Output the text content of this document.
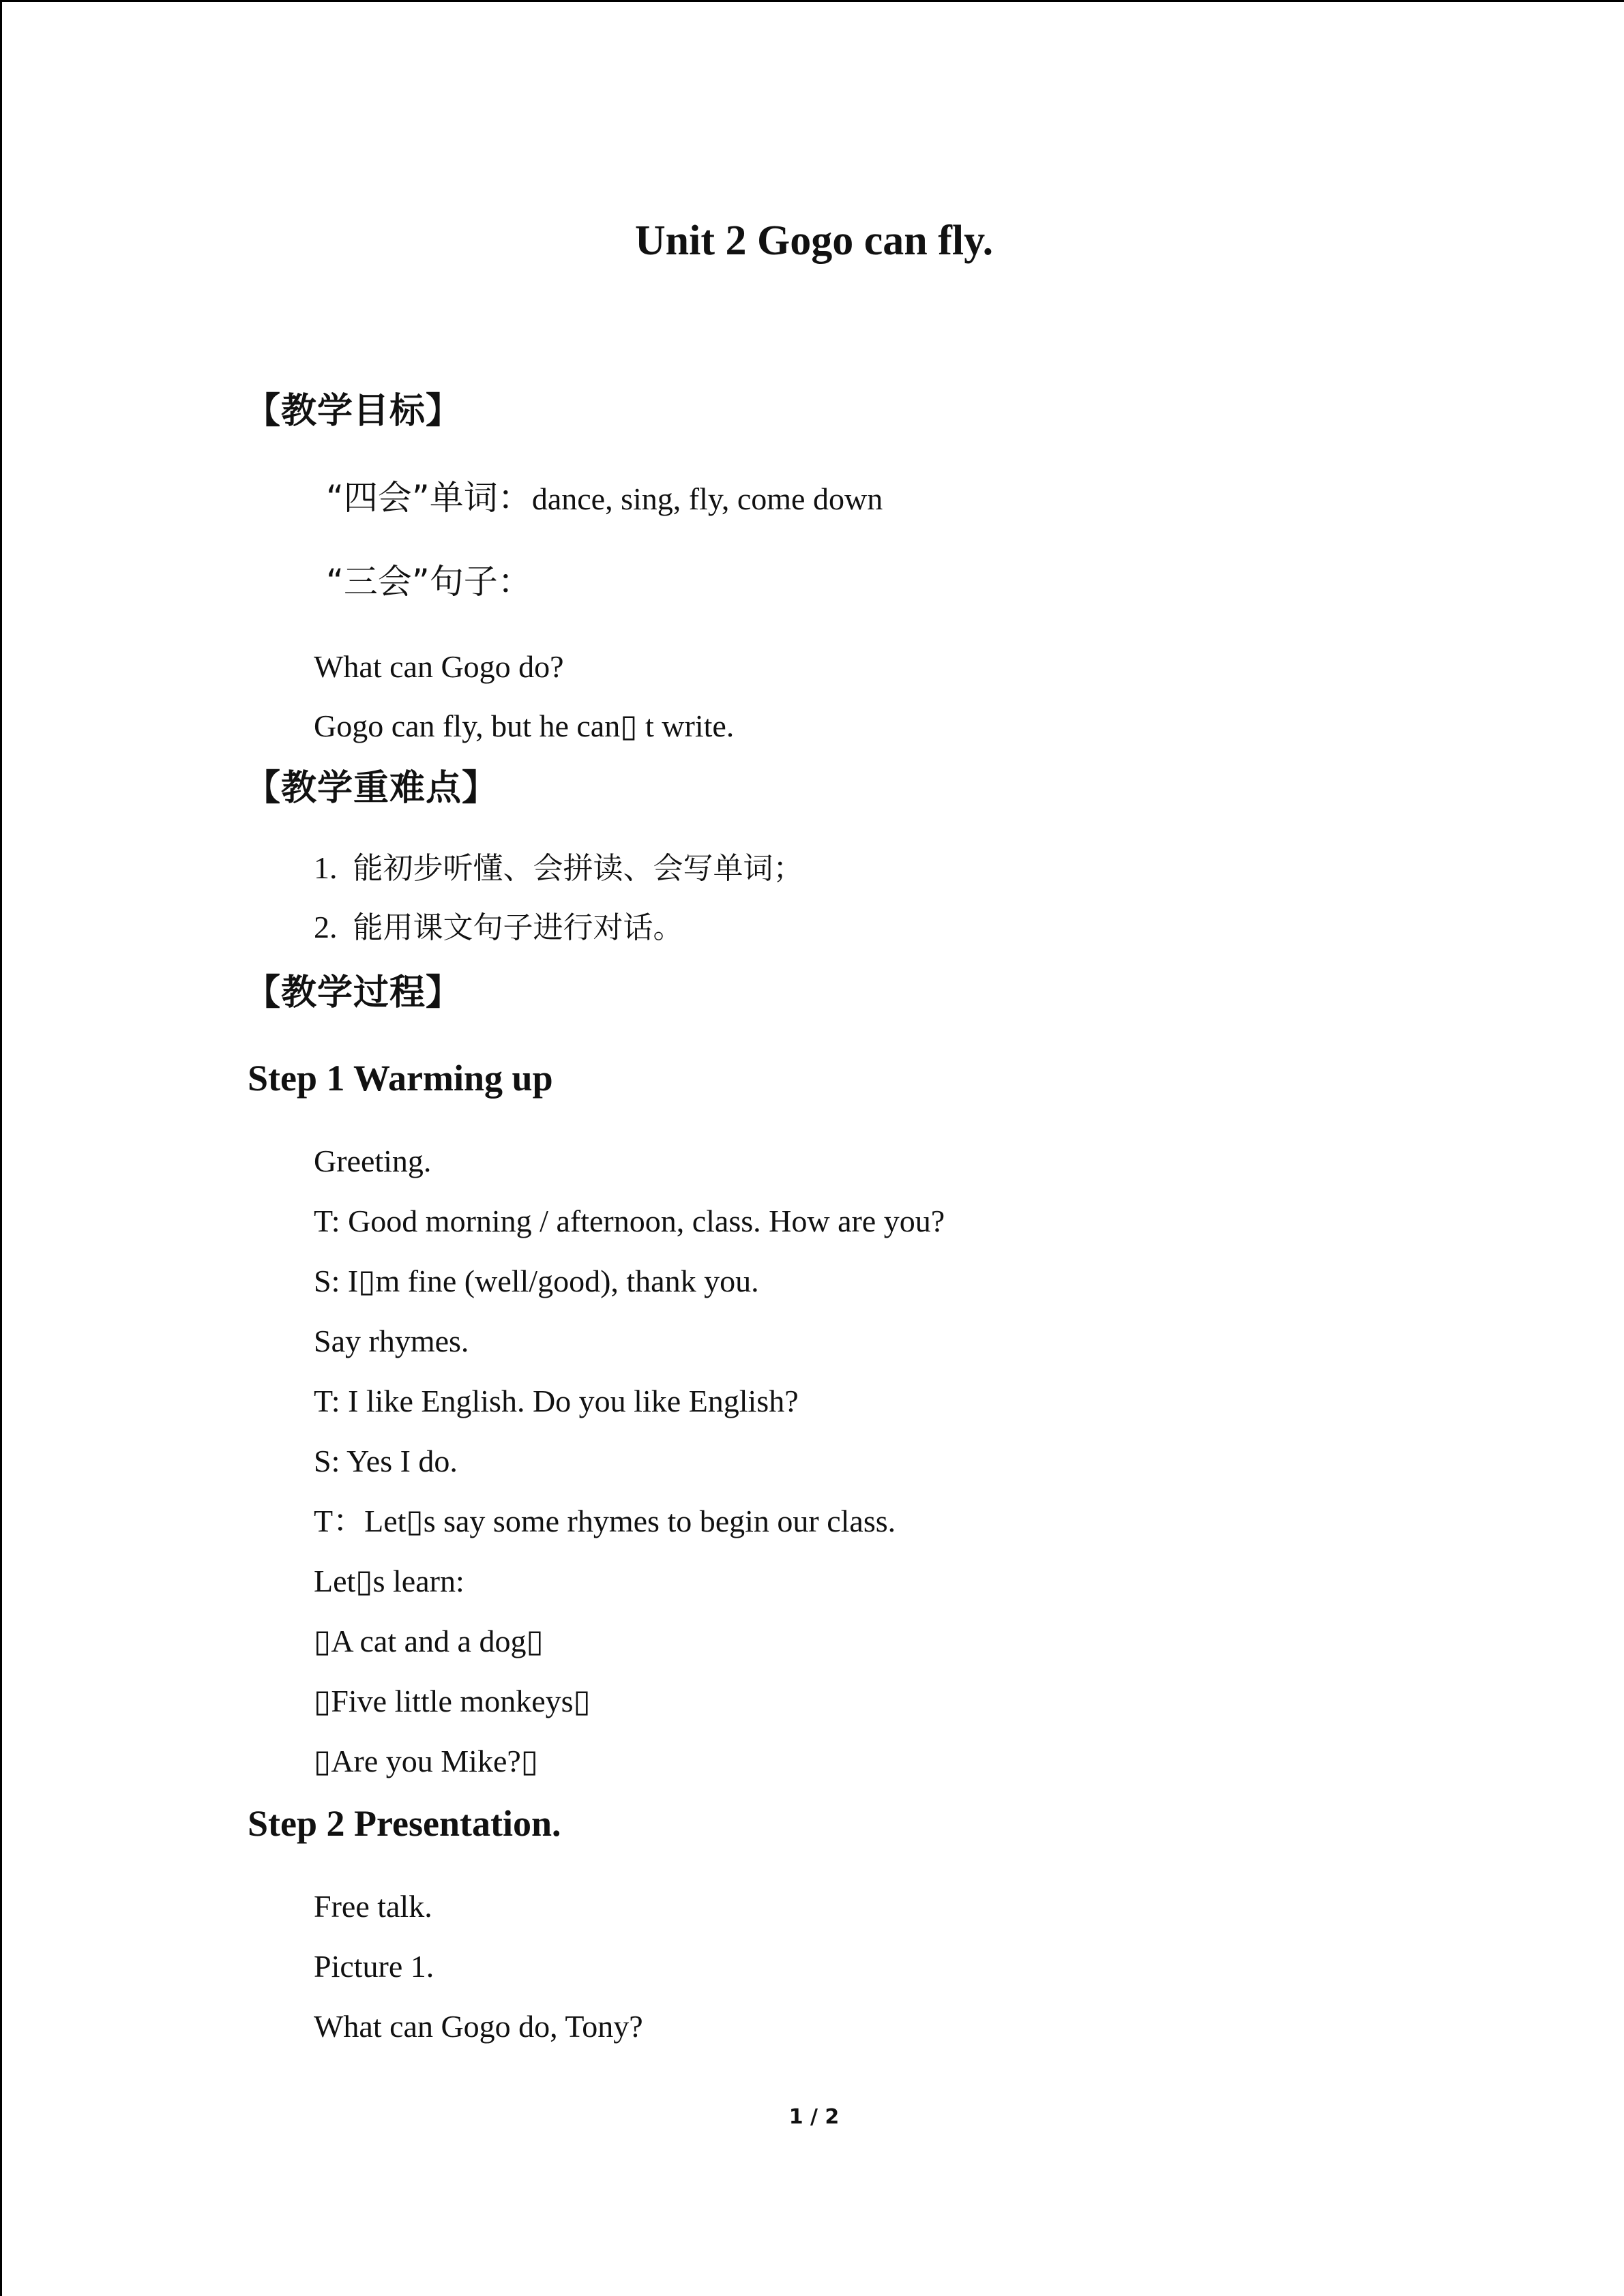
Unit 2 Gogo can fly.
【教学目标】
“四会”单词：dance, sing, fly, come down
“三会”句子：
What can Gogo do?
Gogo can fly, but he can▯ t write.
【教学重难点】
1. 能初步听懂、会拼读、会写单词；
2. 能用课文句子进行对话。
【教学过程】
Step 1 Warming up
Greeting.
T: Good morning / afternoon, class. How are you?
S: I▯m fine (well/good), thank you.
Say rhymes.
T: I like English. Do you like English?
S: Yes I do.
T：Let▯s say some rhymes to begin our class.
Let▯s learn:
▯A cat and a dog▯
▯Five little monkeys▯
▯Are you Mike?▯
Step 2 Presentation.
Free talk.
Picture 1.
What can Gogo do, Tony?
1 / 2
